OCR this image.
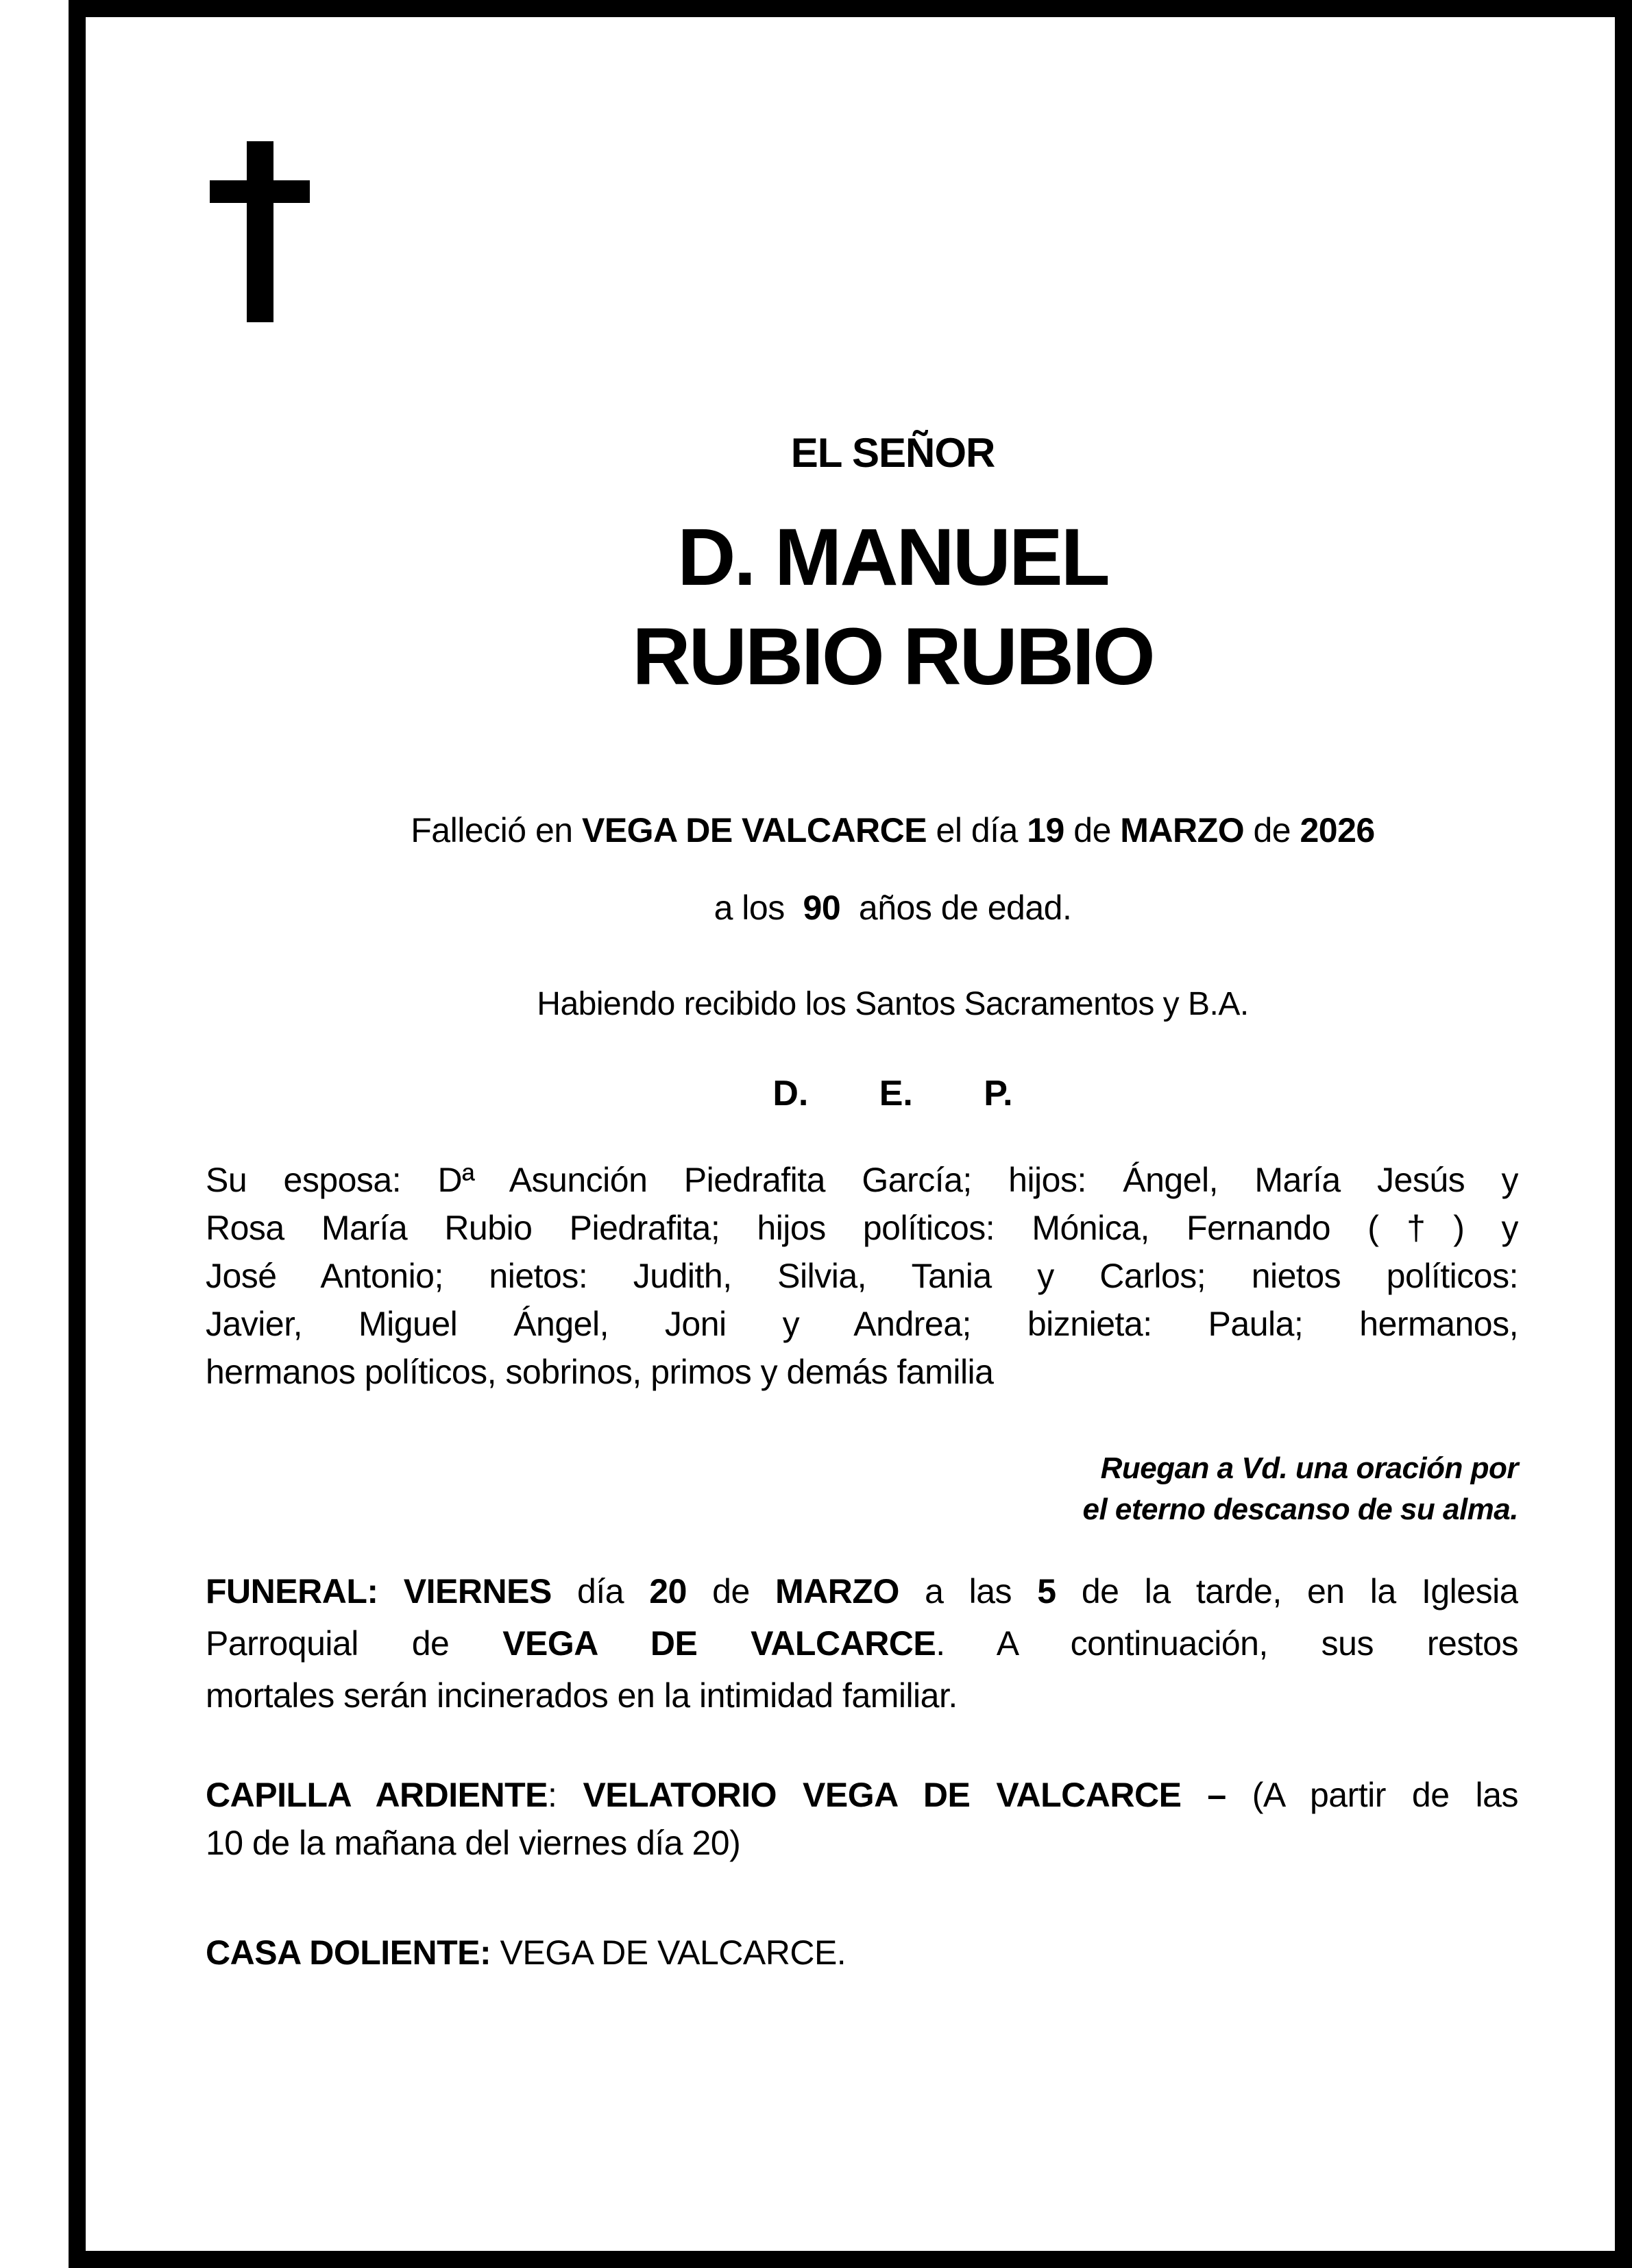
EL SEÑOR
D. MANUEL
RUBIO RUBIO
Falleció en VEGA DE VALCARCE el día 19 de MARZO de 2026
a los  90  años de edad.
Habiendo recibido los Santos Sacramentos y B.A.
D.   E.   P.
Su esposa: Dª Asunción Piedrafita García; hijos: Ángel, María Jesús y
Rosa María Rubio Piedrafita; hijos políticos: Mónica, Fernando (†) y
José Antonio; nietos: Judith, Silvia, Tania y Carlos; nietos políticos:
Javier, Miguel Ángel, Joni y Andrea; biznieta: Paula; hermanos,
hermanos políticos, sobrinos, primos y demás familia
Ruegan a Vd. una oración por
el eterno descanso de su alma.
FUNERAL: VIERNES día 20 de MARZO a las 5 de la tarde, en la Iglesia
Parroquial de VEGA DE VALCARCE. A continuación, sus restos
mortales serán incinerados en la intimidad familiar.
CAPILLA ARDIENTE: VELATORIO VEGA DE VALCARCE – (A partir de las
10 de la mañana del viernes día 20)
CASA DOLIENTE: VEGA DE VALCARCE.
